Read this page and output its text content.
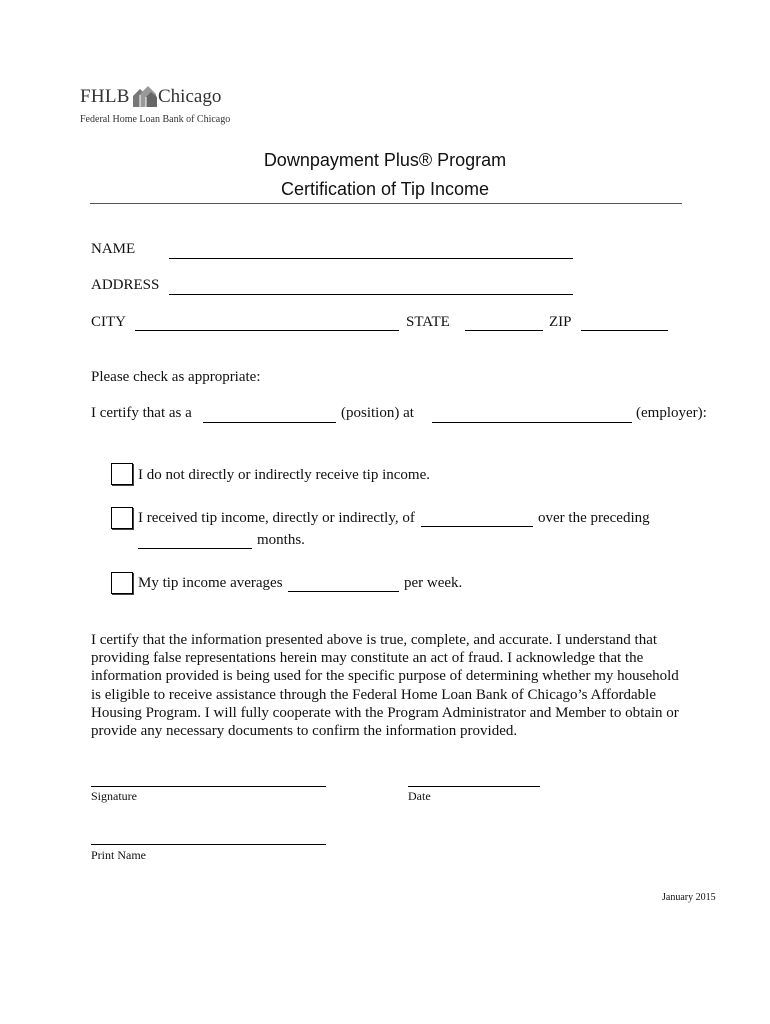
FHLB Chicago
Federal Home Loan Bank of Chicago
Downpayment Plus® Program
Certification of Tip Income
NAME
ADDRESS
CITY	STATE	ZIP
Please check as appropriate:
I certify that as a	(position) at	(employer):
I do not directly or indirectly receive tip income.
I received tip income, directly or indirectly, of	over the preceding
months.
My tip income averages	per week.
I certify that the information presented above is true, complete, and accurate. I understand that providing false representations herein may constitute an act of fraud. I acknowledge that the information provided is being used for the specific purpose of determining whether my household is eligible to receive assistance through the Federal Home Loan Bank of Chicago’s Affordable Housing Program. I will fully cooperate with the Program Administrator and Member to obtain or provide any necessary documents to confirm the information provided.
Signature	Date
Print Name
January 2015
